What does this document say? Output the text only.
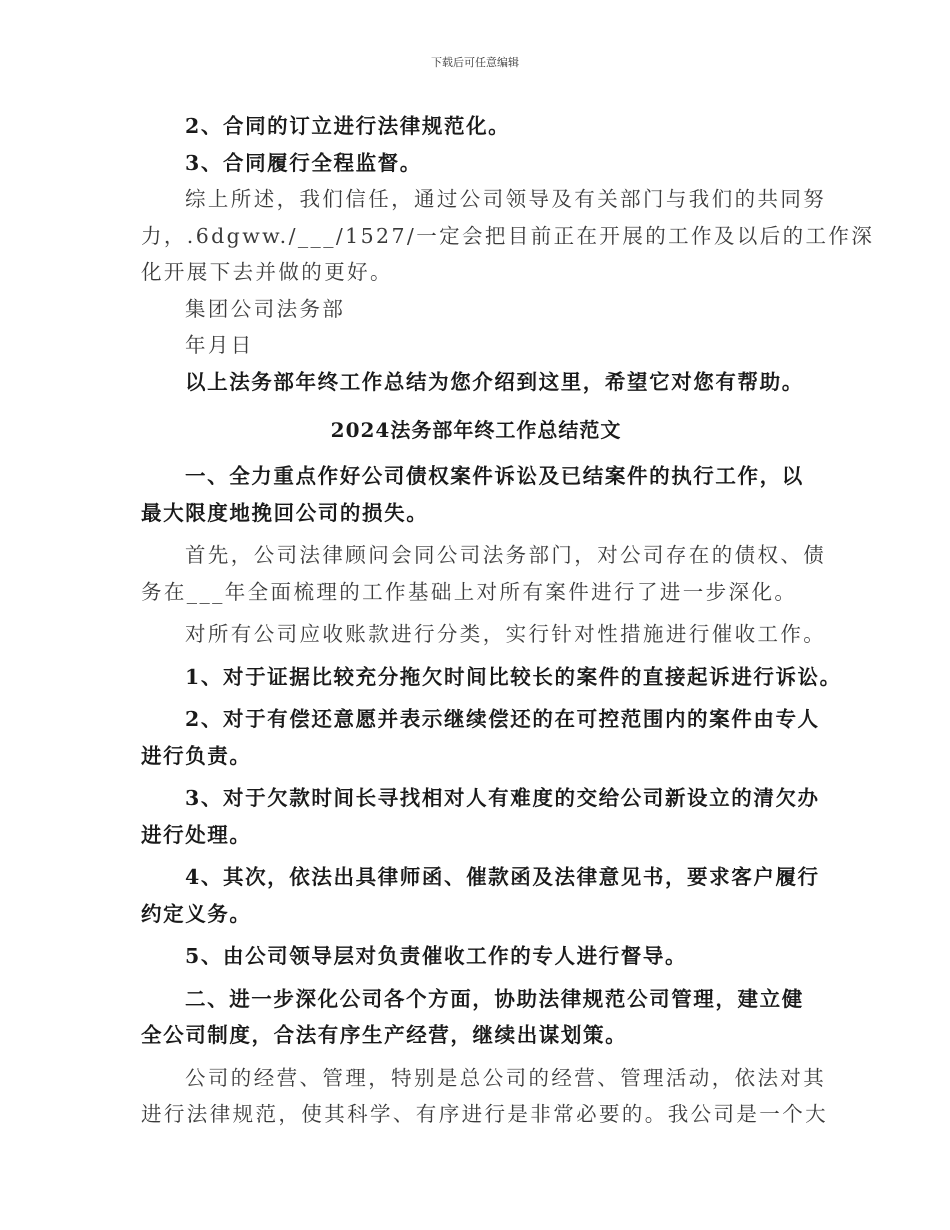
下载后可任意编辑

2、合同的订立进行法律规范化。

3、合同履行全程监督。

综上所述，我们信任，通过公司领导及有关部门与我们的共同努

力，.6dgww./___/1527/一定会把目前正在开展的工作及以后的工作深

化开展下去并做的更好。

集团公司法务部

年月日

以上法务部年终工作总结为您介绍到这里，希望它对您有帮助。

2024法务部年终工作总结范文

一、全力重点作好公司债权案件诉讼及已结案件的执行工作，以

最大限度地挽回公司的损失。

首先，公司法律顾问会同公司法务部门，对公司存在的债权、债

务在___年全面梳理的工作基础上对所有案件进行了进一步深化。

对所有公司应收账款进行分类，实行针对性措施进行催收工作。

1、对于证据比较充分拖欠时间比较长的案件的直接起诉进行诉讼。

2、对于有偿还意愿并表示继续偿还的在可控范围内的案件由专人

进行负责。

3、对于欠款时间长寻找相对人有难度的交给公司新设立的清欠办

进行处理。

4、其次，依法出具律师函、催款函及法律意见书，要求客户履行

约定义务。

5、由公司领导层对负责催收工作的专人进行督导。

二、进一步深化公司各个方面，协助法律规范公司管理，建立健

全公司制度，合法有序生产经营，继续出谋划策。

公司的经营、管理，特别是总公司的经营、管理活动，依法对其

进行法律规范，使其科学、有序进行是非常必要的。我公司是一个大
